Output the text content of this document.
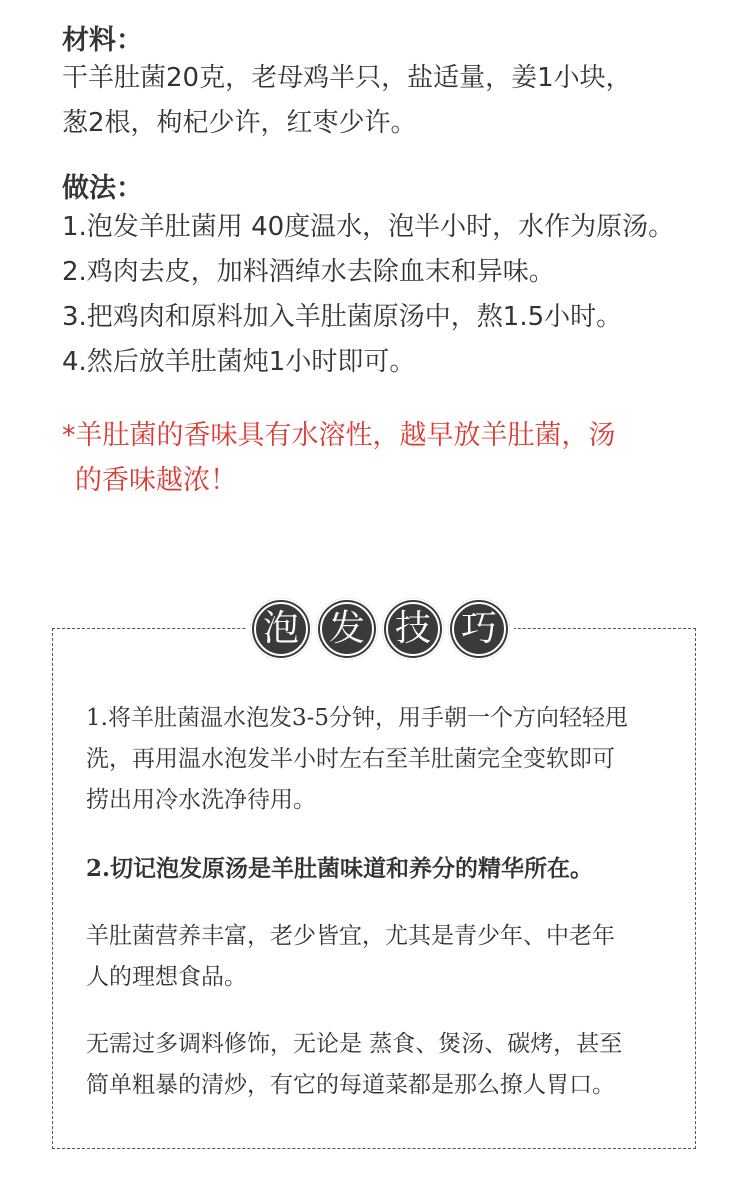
材料：
干羊肚菌20克，老母鸡半只，盐适量，姜1小块，
葱2根，枸杞少许，红枣少许。
做法：
1.泡发羊肚菌用 40度温水，泡半小时，水作为原汤。
2.鸡肉去皮，加料酒绰水去除血末和异味。
3.把鸡肉和原料加入羊肚菌原汤中，熬1.5小时。
4.然后放羊肚菌炖1小时即可。
*羊肚菌的香味具有水溶性，越早放羊肚菌，汤
的香味越浓！
泡 发 技 巧
1.将羊肚菌温水泡发3-5分钟，用手朝一个方向轻轻甩
洗，再用温水泡发半小时左右至羊肚菌完全变软即可
捞出用冷水洗净待用。
2.切记泡发原汤是羊肚菌味道和养分的精华所在。
羊肚菌营养丰富，老少皆宜，尤其是青少年、中老年
人的理想食品。
无需过多调料修饰，无论是 蒸食、煲汤、碳烤，甚至
简单粗暴的清炒，有它的每道菜都是那么撩人胃口。
